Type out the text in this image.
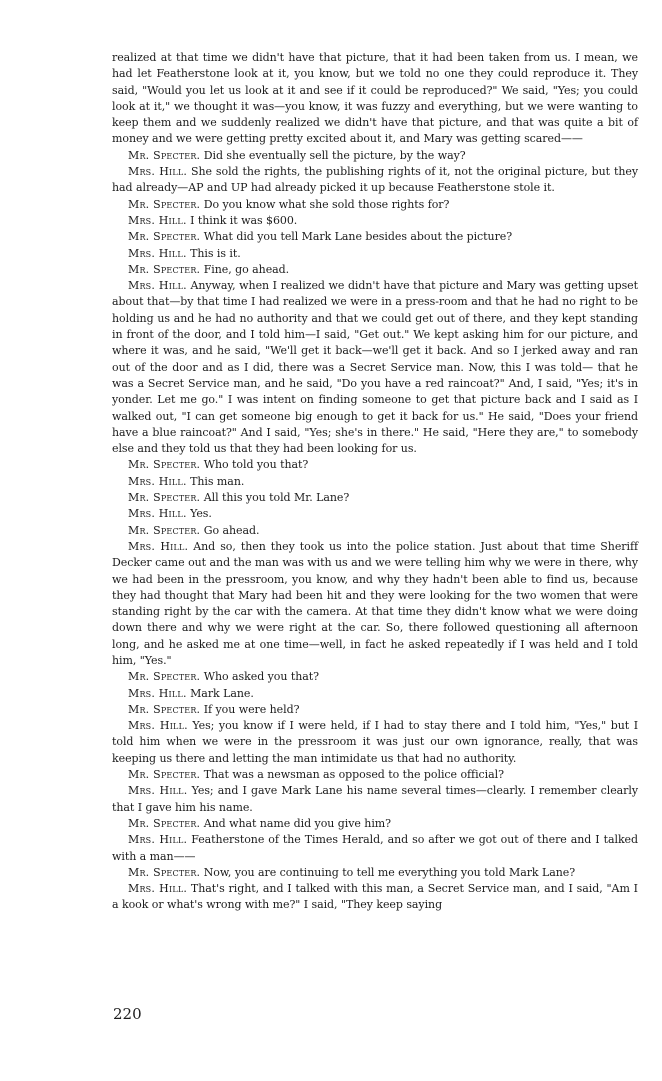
realized at that time we didn't have that picture, that it had been taken from us. I mean, we had let Featherstone look at it, you know, but we told no one they could reproduce it. They said, "Would you let us look at it and see if it could be reproduced?" We said, "Yes; you could look at it," we thought it was—you know, it was fuzzy and everything, but we were wanting to keep them and we suddenly realized we didn't have that picture, and that was quite a bit of money and we were getting pretty excited about it, and Mary was getting scared——

Mr. Specter. Did she eventually sell the picture, by the way?

Mrs. Hill. She sold the rights, the publishing rights of it, not the original picture, but they had already—AP and UP had already picked it up because Featherstone stole it.

Mr. Specter. Do you know what she sold those rights for?

Mrs. Hill. I think it was $600.

Mr. Specter. What did you tell Mark Lane besides about the picture?

Mrs. Hill. This is it.

Mr. Specter. Fine, go ahead.

Mrs. Hill. Anyway, when I realized we didn't have that picture and Mary was getting upset about that—by that time I had realized we were in a press-room and that he had no right to be holding us and he had no authority and that we could get out of there, and they kept standing in front of the door, and I told him—I said, "Get out." We kept asking him for our picture, and where it was, and he said, "We'll get it back—we'll get it back. And so I jerked away and ran out of the door and as I did, there was a Secret Service man. Now, this I was told— that he was a Secret Service man, and he said, "Do you have a red raincoat?" And, I said, "Yes; it's in yonder. Let me go." I was intent on finding someone to get that picture back and I said as I walked out, "I can get someone big enough to get it back for us." He said, "Does your friend have a blue raincoat?" And I said, "Yes; she's in there." He said, "Here they are," to somebody else and they told us that they had been looking for us.

Mr. Specter. Who told you that?

Mrs. Hill. This man.

Mr. Specter. All this you told Mr. Lane?

Mrs. Hill. Yes.

Mr. Specter. Go ahead.

Mrs. Hill. And so, then they took us into the police station. Just about that time Sheriff Decker came out and the man was with us and we were telling him why we were in there, why we had been in the pressroom, you know, and why they hadn't been able to find us, because they had thought that Mary had been hit and they were looking for the two women that were standing right by the car with the camera. At that time they didn't know what we were doing down there and why we were right at the car. So, there followed questioning all afternoon long, and he asked me at one time—well, in fact he asked repeatedly if I was held and I told him, "Yes."

Mr. Specter. Who asked you that?

Mrs. Hill. Mark Lane.

Mr. Specter. If you were held?

Mrs. Hill. Yes; you know if I were held, if I had to stay there and I told him, "Yes," but I told him when we were in the pressroom it was just our own ignorance, really, that was keeping us there and letting the man intimidate us that had no authority.

Mr. Specter. That was a newsman as opposed to the police official?

Mrs. Hill. Yes; and I gave Mark Lane his name several times—clearly. I remember clearly that I gave him his name.

Mr. Specter. And what name did you give him?

Mrs. Hill. Featherstone of the Times Herald, and so after we got out of there and I talked with a man——

Mr. Specter. Now, you are continuing to tell me everything you told Mark Lane?

Mrs. Hill. That's right, and I talked with this man, a Secret Service man, and I said, "Am I a kook or what's wrong with me?" I said, "They keep saying

220
